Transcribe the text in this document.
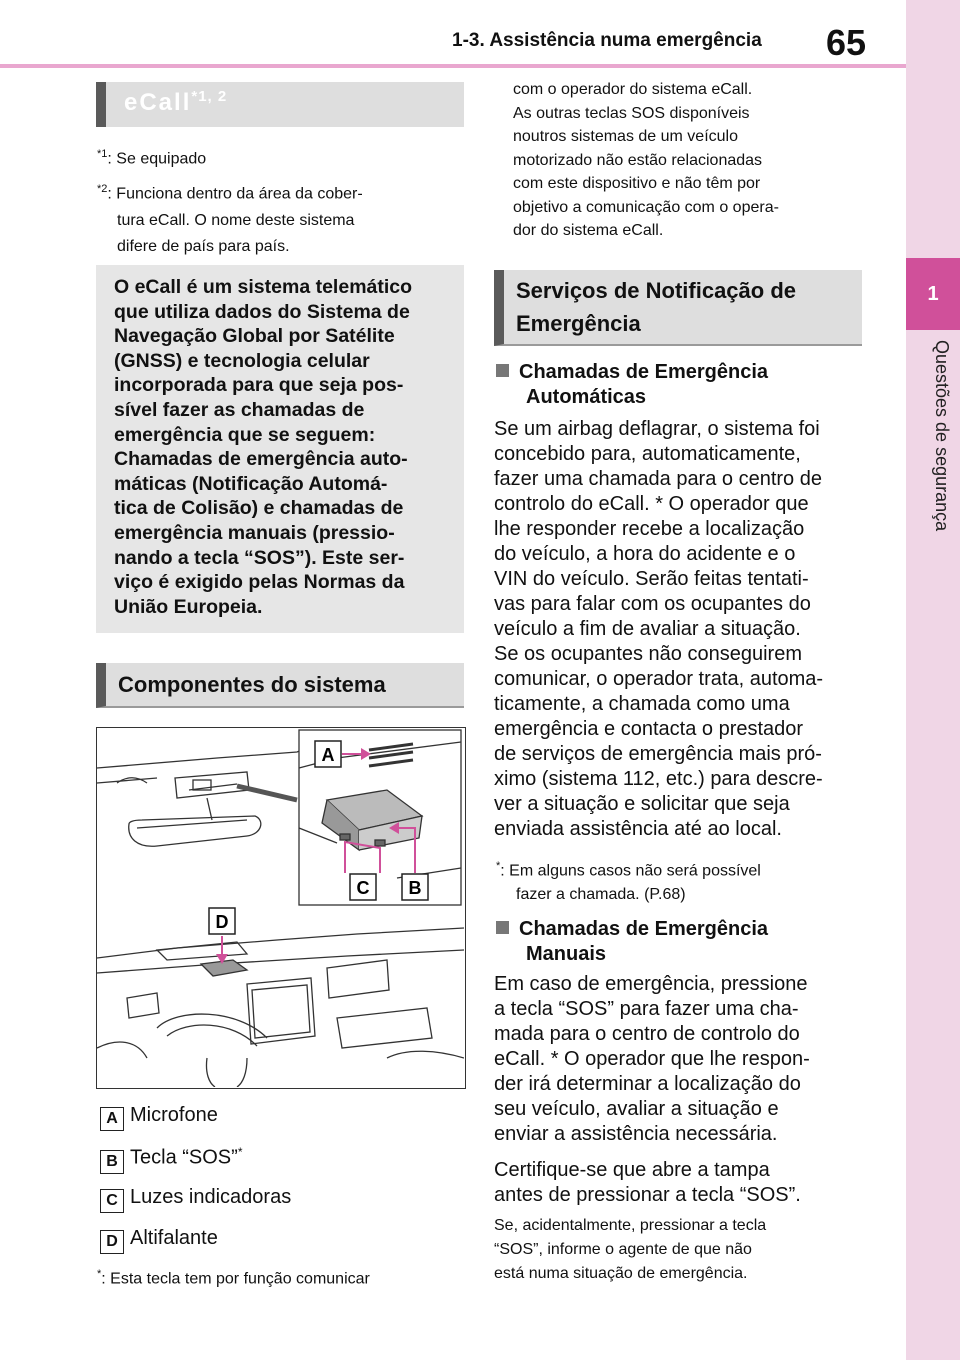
1-3. Assistência numa emergência 65
1
Questões de segurança
eCall$^{*1, 2}$
$^{*1}$: Se equipado
$^{*2}$: Funciona dentro da área da cober-
tura eCall. O nome deste sistema
difere de país para país.
O eCall é um sistema telemático
que utiliza dados do Sistema de
Navegação Global por Satélite
(GNSS) e tecnologia celular
incorporada para que seja pos-
sível fazer as chamadas de
emergência que se seguem:
Chamadas de emergência auto-
máticas (Notificação Automá-
tica de Colisão) e chamadas de
emergência manuais (pressio-
nando a tecla “SOS”). Este ser-
viço é exigido pelas Normas da
União Europeia.
Componentes do sistema
D
A
C B
A Microfone
B Tecla “SOS”*
C Luzes indicadoras
D Altifalante
*: Esta tecla tem por função comunicar
com o operador do sistema eCall.
As outras teclas SOS disponíveis
noutros sistemas de um veículo
motorizado não estão relacionadas
com este dispositivo e não têm por
objetivo a comunicação com o opera-
dor do sistema eCall.
Serviços de Notificação de
Emergência
Chamadas de Emergência
Automáticas
Se um airbag deflagrar, o sistema foi
concebido para, automaticamente,
fazer uma chamada para o centro de
controlo do eCall. * O operador que
lhe responder recebe a localização
do veículo, a hora do acidente e o
VIN do veículo. Serão feitas tentati-
vas para falar com os ocupantes do
veículo a fim de avaliar a situação.
Se os ocupantes não conseguirem
comunicar, o operador trata, automa-
ticamente, a chamada como uma
emergência e contacta o prestador
de serviços de emergência mais pró-
ximo (sistema 112, etc.) para descre-
ver a situação e solicitar que seja
enviada assistência até ao local.
*: Em alguns casos não será possível
fazer a chamada. (P.68)
Chamadas de Emergência
Manuais
Em caso de emergência, pressione
a tecla “SOS” para fazer uma cha-
mada para o centro de controlo do
eCall. * O operador que lhe respon-
der irá determinar a localização do
seu veículo, avaliar a situação e
enviar a assistência necessária.
Certifique-se que abre a tampa
antes de pressionar a tecla “SOS”.
Se, acidentalmente, pressionar a tecla
“SOS”, informe o agente de que não
está numa situação de emergência.
